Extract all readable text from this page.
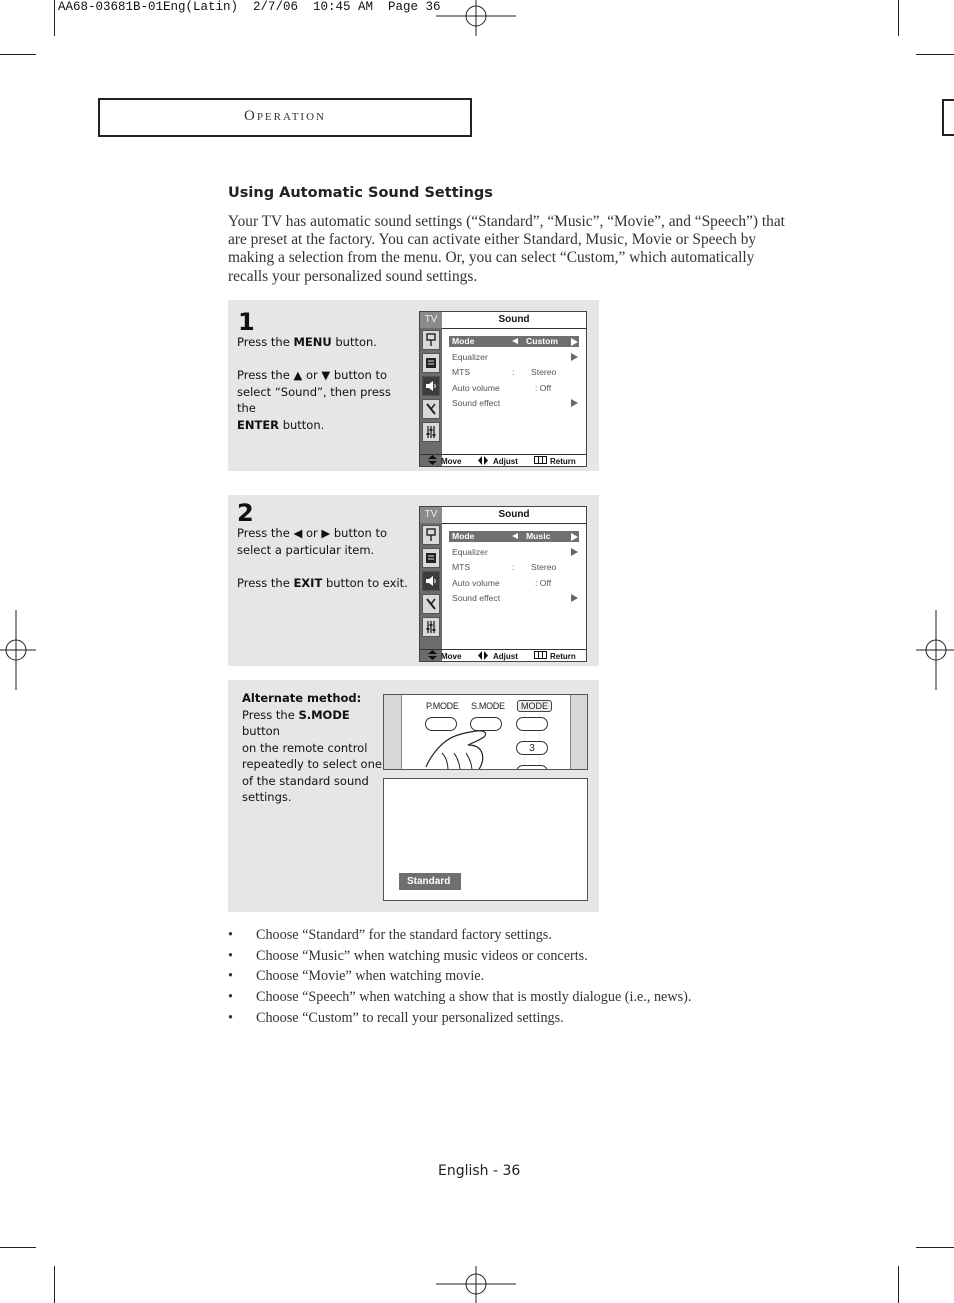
AA68-03681B-01Eng(Latin)  2/7/06  10:45 AM  Page 36
Operation
Using Automatic Sound Settings
Your TV has automatic sound settings (“Standard”, “Music”, “Movie”, and “Speech”) that are preset at the factory. You can activate either Standard, Music, Movie or Speech by making a selection from the menu. Or, you can select “Custom,” which automatically recalls your personalized sound settings.
1
Press the MENU button.
Press the ▲ or ▼ button to
select “Sound”, then press the
ENTER button.
TV	Sound
Mode	Custom
Equalizer
MTS	: Stereo
Auto volume	: Off
Sound effect
Move	Adjust	Return
2
Press the ◀ or ▶ button to
select a particular item.
Press the EXIT button to exit.
TV	Sound
Mode	Music
Equalizer
MTS	: Stereo
Auto volume	: Off
Sound effect
Move	Adjust	Return
Alternate method:
Press the S.MODE button
on the remote control
repeatedly to select one
of the standard sound
settings.
P.MODE S.MODE	MODE
3
Standard
• Choose “Standard” for the standard factory settings.
• Choose “Music” when watching music videos or concerts.
• Choose “Movie” when watching movie.
• Choose “Speech” when watching a show that is mostly dialogue (i.e., news).
• Choose “Custom” to recall your personalized settings.
English - 36
